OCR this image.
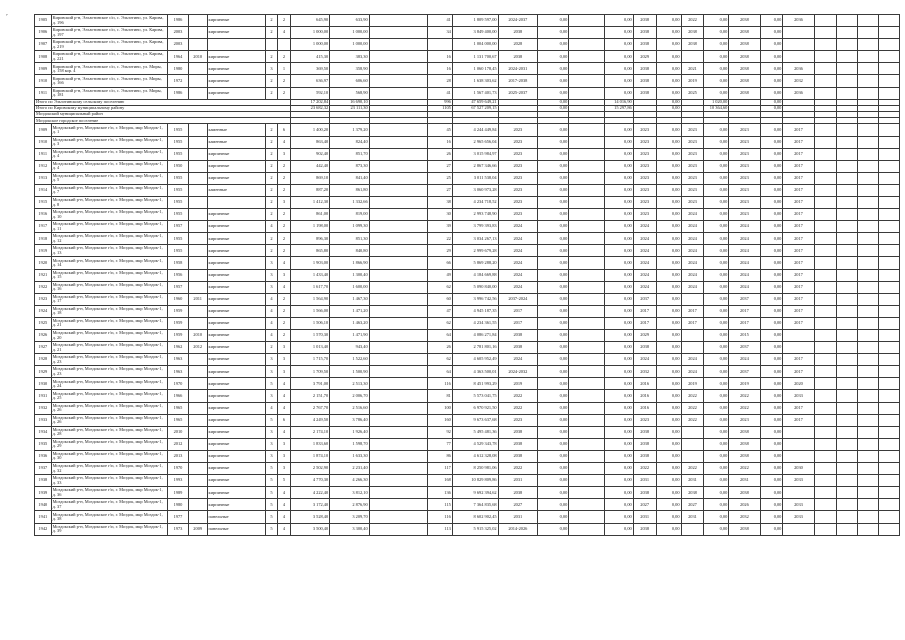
,
1905	Кировский р-н, Эльзотинское с/п, с. Эльзотино, ул. Карова, д. 196	1986		кирпичные	2	2	645,90	633,90		41	1 809 597,00	2024-2037	0,00		0,00	2038	0,00	2022	0,00	2038	0,00	2036				
1906	Кировский р-н, Эльзотинское с/п, с. Эльзотино, ул. Карова, д. 197	2003		кирпичные	2	4	1 000,00	1 000,00		34	3 849 400,00	2038	0,00		0,00	2038	0,00	2038	0,00	2038	0,00					
1907	Кировский р-н, Эльзотинское с/п, с. Эльзотино, ул. Карова, д. 219	2003					1 000,00	1 000,00			1 004 000,00	2028	0,00		0,00	2038	0,00	2038	0,00	2038	0,00					
1908	Кировский р-н, Эльзотинское с/п, с. Эльзотино, ул. Карова, д. 221	1964	2010	кирпичные	2	2	415,30	383,30		16	1 131 700,67	2038	0,00		0,00	2029	0,00		0,00	2038	0,00					
1909	Кировский р-н, Эльзотинское с/п, с. Эльзотино, ул. Миры, д. 158 кор. 4	1980		кирпичные	3	1	369,50	358,90		16	1 060 178,45	2024-2031	0,00		0,00	2038	0,00	2021	0,00	2038	0,00	2036				
1910	Кировский р-н, Эльзотинское с/п, с. Эльзотино, ул. Миры, д. 166	1972		кирпичные	2	2	636,97	606,60		28	1 638 303,62	2017-2038	0,00		0,00	2038	0,00	2019	0,00	2038	0,00	2032				
1911	Кировский р-н, Эльзотинское с/п, с. Эльзотино, ул. Миры, д. 181	1986		кирпичные	2	2	592,10	568,90		41	1 567 401,73	2025-2037	0,00		0,00	2038	0,00	2025	0,00	2038	0,00	2036				
Итого по Эльзотинскому сельскому поселению							17 202,84	16 690,10		996	47 659 649,21		0,00		14 016,90		0,00		1 020,00		0,00					
Итого по Кировскому муниципальному району							23 682,32	23 111,30		1105	67 527 209,15		0,00		15 297,86		0,00		10 364,60		0,00					
Моздокский муниципальный район																										
Моздокское городское поселение																										
1909	Моздокский р-н, Моздокское г/п, г. Моздок, мкр Моздок-1, д. 1	1955		каменные	2	6	1 400,20	1 379,20		45	4 244 449,84	2023	0,00		0,00	2023	0,00	2023	0,00	2023	0,00	2017				
1910	Моздокский р-н, Моздокское г/п, г. Моздок, мкр Моздок-1, д. 3	1955		каменные	2	4	863,40	824,40		16	2 965 656,04	2023	0,00		0,00	2023	0,00	2023	0,00	2023	0,00	2017				
1911	Моздокский р-н, Моздокское г/п, г. Моздок, мкр Моздок-1, д. 4	1955		кирпичные	2	3	902,40	851,70		26	3 015 984,97	2023	0,00		0,00	2023	0,00	2023	0,00	2023	0,00	2017				
1912	Моздокский р-н, Моздокское г/п, г. Моздок, мкр Моздок-1, д. 4	1950		кирпичные	2	2	442,40	873,30		27	2 867 346,66	2023	0,00		0,00	2023	0,00	2023	0,00	2023	0,00	2017				
1913	Моздокский р-н, Моздокское г/п, г. Моздок, мкр Моздок-1, д. 5	1955		кирпичные	2	2	869,10	841,40		25	3 011 538,04	2023	0,00		0,00	2023	0,00	2023	0,00	2023	0,00	2017				
1914	Моздокский р-н, Моздокское г/п, г. Моздок, мкр Моздок-1, д. 7	1955		каменные	2	2	887,20	861,80		27	3 060 973,28	2023	0,00		0,00	2023	0,00	2023	0,00	2023	0,00	2017				
1915	Моздокский р-н, Моздокское г/п, г. Моздок, мкр Моздок-1, д. 8	1955			2	3	1 412,30	1 332,66		38	4 234 718,52	2023	0,00		0,00	2023	0,00	2023	0,00	2023	0,00	2017				
1916	Моздокский р-н, Моздокское г/п, г. Моздок, мкр Моздок-1, д. 10	1955		кирпичные	2	2	861,00	819,00		30	2 993 748,90	2023	0,00		0,00	2023	0,00	2024	0,00	2023	0,00	2017				
1917	Моздокский р-н, Моздокское г/п, г. Моздок, мкр Моздок-1, д. 11	1957		кирпичные	4	2	1 198,00	1 099,30		39	3 799 393,83	2024	0,00		0,00	2024	0,00	2024	0,00	2024	0,00	2017				
1918	Моздокский р-н, Моздокское г/п, г. Моздок, мкр Моздок-1, д. 12	1955		кирпичные	2	2	896,30	851,30		22	3 034 267,13	2024	0,00		0,00	2024	0,00	2024	0,00	2024	0,00	2017				
1919	Моздокский р-н, Моздокское г/п, г. Моздок, мкр Моздок-1, д. 13	1955		кирпичные	2	2	865,80	840,80		29	2 999 679,28	2024	0,00		0,00	2024	0,00	2024	0,00	2024	0,00	2017				
1920	Моздокский р-н, Моздокское г/п, г. Моздок, мкр Моздок-1, д. 14	1958		кирпичные	3	4	1 903,00	1 866,90		66	5 869 288,20	2024	0,00		0,00	2024	0,00	2024	0,00	2024	0,00	2017				
1921	Моздокский р-н, Моздокское г/п, г. Моздок, мкр Моздок-1, д. 15	1956		кирпичные	3	3	1 433,40	1 300,40		49	4 184 669,88	2024	0,00		0,00	2024	0,00	2024	0,00	2024	0,00	2017				
1922	Моздокский р-н, Моздокское г/п, г. Моздок, мкр Моздок-1, д. 16	1957		кирпичные	3	4	1 617,70	1 600,00		62	5 090 840,00	2024	0,00		0,00	2024	0,00	2024	0,00	2024	0,00	2017				
1923	Моздокский р-н, Моздокское г/п, г. Моздок, мкр Моздок-1, д. 17	1960	2011	кирпичные	4	2	1 564,90	1 467,30		60	3 996 742,56	2037-2024	0,00		0,00	2037	0,00		0,00	2037	0,00	2017				
1924	Моздокский р-н, Моздокское г/п, г. Моздок, мкр Моздок-1, д. 18	1959		кирпичные	4	2	1 566,00	1 471,20		47	4 945 187,35	2017	0,00		0,00	2017	0,00	2017	0,00	2017	0,00	2017				
1925	Моздокский р-н, Моздокское г/п, г. Моздок, мкр Моздок-1, д. 21	1959		кирпичные	4	2	1 506,10	1 463,20		62	4 234 361,55	2017	0,00		0,00	2017	0,00	2017	0,00	2017	0,00	2017				
1926	Моздокский р-н, Моздокское г/п, г. Моздок, мкр Моздок-1, д. 20	1959	2010	кирпичные	4	2	1 570,30	1 471,90		64	4 086 271,84	2038	0,00		0,00	2029	0,00		0,00	2015	0,00					
1927	Моздокский р-н, Моздокское г/п, г. Моздок, мкр Моздок-1, д. 21	1962	2012	кирпичные	2	3	1 013,40	943,40		26	2 781 801,16	2038	0,00		0,00	2038	0,00		0,00	2037	0,00					
1928	Моздокский р-н, Моздокское г/п, г. Моздок, мкр Моздок-1, д. 23	1963		кирпичные	3	3	1 715,70	1 522,60		62	4 605 952,49	2024	0,00		0,00	2024	0,00	2024	0,00	2024	0,00	2017				
1929	Моздокский р-н, Моздокское г/п, г. Моздок, мкр Моздок-1, д. 23	1963		кирпичные	3	3	1 709,50	1 500,90		64	4 363 500,01	2024-2032	0,00		0,00	2032	0,00	2024	0,00	2037	0,00	2017				
1930	Моздокский р-н, Моздокское г/п, г. Моздок, мкр Моздок-1, д. 24	1970		кирпичные	5	4	3 791,00	2 513,30		116	8 451 993,29	2019	0,00		0,00	2016	0,00	2019	0,00	2019	0,00	2020				
1931	Моздокский р-н, Моздокское г/п, г. Моздок, мкр Моздок-1, д. 25	1966		кирпичные	3	4	2 151,70	2 006,70		81	5 573 041,75	2022	0,00		0,00	2016	0,00	2022	0,00	2022	0,00	2033				
1932	Моздокский р-н, Моздокское г/п, г. Моздок, мкр Моздок-1, д. 26	1965		кирпичные	4	4	2 767,70	2 516,60		100	6 970 921,50	2022	0,00		0,00	2016	0,00	2022	0,00	2022	0,00	2017				
1933	Моздокский р-н, Моздокское г/п, г. Моздок, мкр Моздок-1, д. 26	1965		кирпичные	5	6	4 249,50	3 786,40		160	9 673 637,68	2023	0,00		0,00	2023	0,00	2022	0,00	2023	0,00	2017				
1934	Моздокский р-н, Моздокское г/п, г. Моздок, мкр Моздок-1, д. 28	2010		кирпичные	3	4	2 174,10	1 926,40		92	5 495 481,36	2038	0,00		0,00	2038	0,00		0,00	2038	0,00					
1935	Моздокский р-н, Моздокское г/п, г. Моздок, мкр Моздок-1, д. 29	2012		кирпичные	3	3	1 833,60	1 598,70		77	4 529 343,78	2038	0,00		0,00	2038	0,00		0,00	2038	0,00					
1936	Моздокский р-н, Моздокское г/п, г. Моздок, мкр Моздок-1, д. 30	2013		кирпичные	3	3	1 874,10	1 633,30		86	4 612 328,08	2038	0,00		0,00	2038	0,00		0,00	2038	0,00					
1937	Моздокский р-н, Моздокское г/п, г. Моздок, мкр Моздок-1, д. 32	1970		кирпичные	5	3	2 502,90	2 231,40		117	8 250 981,06	2022	0,00		0,00	2022	0,00	2022	0,00	2022	0,00	2030				
1938	Моздокский р-н, Моздокское г/п, г. Моздок, мкр Моздок-1, д. 33	1993		кирпичные	5	5	4 770,30	4 266,30		168	10 829 809,86	2031	0,00		0,00	2031	0,00	2031	0,00	2031	0,00	2033				
1939	Моздокский р-н, Моздокское г/п, г. Моздок, мкр Моздок-1, д. 36	1989		кирпичные	5	4	4 222,40	3 812,10		136	9 692 394,62	2038	0,00		0,00	2038	0,00	2038	0,00	2038	0,00					
1940	Моздокский р-н, Моздокское г/п, г. Моздок, мкр Моздок-1, д. 37	1980		кирпичные	5	4	3 172,40	2 876,90		115	7 364 835,68	2027	0,00		0,00	2027	0,00	2027	0,00	2026	0,00	2033				
1941	Моздокский р-н, Моздокское г/п, г. Моздок, мкр Моздок-1, д. 38	1977		панельные	5	4	3 528,40	3 209,70		116	8 602 902,45	2031	0,00		0,00	2031	0,00	2031	0,00	2032	0,00	2033				
1942	Моздокский р-н, Моздокское г/п, г. Моздок, мкр Моздок-1, д. 39	1973	2009	панельные	5	4	3 500,40	3 300,40		113	5 915 325,02	2014-2026	0,00		0,00	2038	0,00		0,00	2038	0,00					
